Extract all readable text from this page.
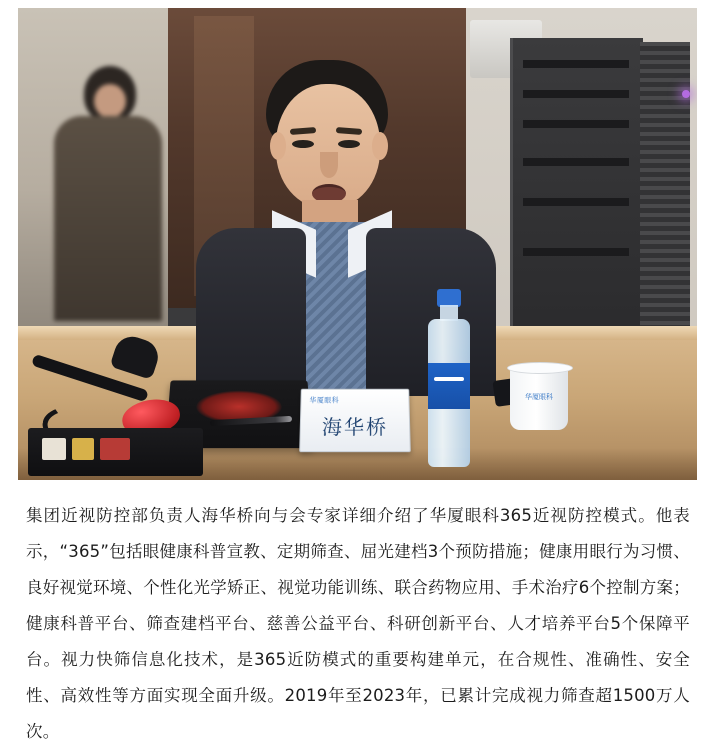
华厦眼科
海华桥
华厦眼科
集团近视防控部负责人海华桥向与会专家详细介绍了华厦眼科365近视防控模式。他表示，“365”包括眼健康科普宣教、定期筛查、屈光建档3个预防措施；健康用眼行为习惯、良好视觉环境、个性化光学矫正、视觉功能训练、联合药物应用、手术治疗6个控制方案；健康科普平台、筛查建档平台、慈善公益平台、科研创新平台、人才培养平台5个保障平台。视力快筛信息化技术，是365近防模式的重要构建单元，在合规性、准确性、安全性、高效性等方面实现全面升级。2019年至2023年，已累计完成视力筛查超1500万人次。
